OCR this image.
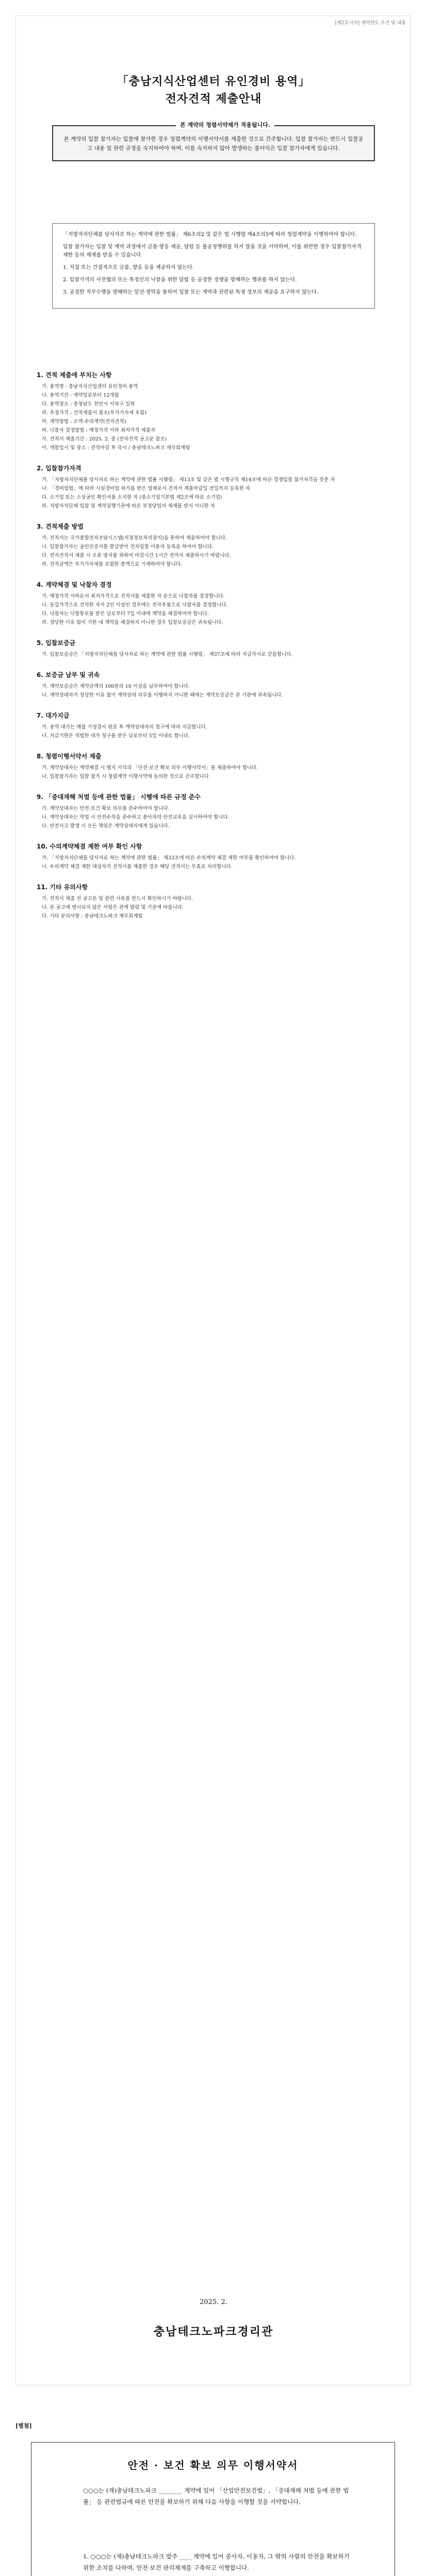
[제2호서식] 계약연도 조건 및 내용
「충남지식산업센터 유인경비 용역」
전자견적 제출안내
본 계약의 청렴서약제가 적용됩니다.

본 계약의 입찰 참가자는 입찰에 참가한 경우 청렴계약의 이행서약서를 제출한 것으로 간주합니다. 입찰 참가자는 반드시 입찰공고 내용 및 관련 규정을 숙지하여야 하며, 이를 숙지하지 않아 발생하는 불이익은 입찰 참가자에게 있습니다.

「지방자치단체를 당사자로 하는 계약에 관한 법률」 제6조의2 및 같은 법 시행령 제4조의5에 따라 청렴계약을 이행하여야 합니다.

입찰 참가자는 입찰 및 계약 과정에서 금품·향응 제공, 담합 등 불공정행위를 하지 않을 것을 서약하며, 이를 위반한 경우 입찰참가자격 제한 등의 제재를 받을 수 있습니다.

1. 직접 또는 간접적으로 금품, 향응 등을 제공하지 않는다.

2. 입찰가격의 사전협의 또는 특정인의 낙찰을 위한 담합 등 공정한 경쟁을 방해하는 행위를 하지 않는다.

3. 공정한 직무수행을 방해하는 알선·청탁을 통하여 입찰 또는 계약과 관련된 특정 정보의 제공을 요구하지 않는다.

1. 견적 제출에 부치는 사항
가. 용역명 : 충남지식산업센터 유인경비 용역
나. 용역기간 : 계약일로부터 12개월
다. 용역장소 : 충청남도 천안시 서북구 일원
라. 추정가격 : 견적제출서 참조(부가가치세 포함)
마. 계약방법 : 소액 수의계약(전자견적)
바. 낙찰자 결정방법 : 예정가격 이하 최저가격 제출자
사. 견적서 제출기간 : 2025. 2. 중 (전자견적 공고문 참조)
아. 개찰일시 및 장소 : 견적마감 후 즉시 / 충남테크노파크 재무회계팀
2. 입찰참가자격
가. 「지방자치단체를 당사자로 하는 계약에 관한 법률 시행령」 제13조 및 같은 법 시행규칙 제14조에 따른 경쟁입찰 참가자격을 갖춘 자
나. 「경비업법」에 따라 시설경비업 허가를 받은 업체로서 견적서 제출마감일 전일까지 등록한 자
다. 소기업 또는 소상공인 확인서를 소지한 자 (중소기업기본법 제2조에 따른 소기업)
라. 지방자치단체 입찰 및 계약집행기준에 따른 부정당업자 제재를 받지 아니한 자
3. 견적제출 방법
가. 견적서는 국가종합전자조달시스템(지정정보처리장치)을 통하여 제출하여야 합니다.
나. 입찰참가자는 공인인증서를 발급받아 전자입찰 이용자 등록을 하여야 합니다.
다. 전자견적서 제출 시 오류 방지를 위하여 마감시간 1시간 전까지 제출하시기 바랍니다.
라. 견적금액은 부가가치세를 포함한 총액으로 기재하여야 합니다.
4. 계약체결 및 낙찰자 결정
가. 예정가격 이하로서 최저가격으로 견적서를 제출한 자 순으로 낙찰자를 결정합니다.
나. 동일가격으로 견적한 자가 2인 이상인 경우에는 전자추첨으로 낙찰자를 결정합니다.
다. 낙찰자는 낙찰통보를 받은 날로부터 7일 이내에 계약을 체결하여야 합니다.
라. 정당한 이유 없이 기한 내 계약을 체결하지 아니한 경우 입찰보증금은 귀속됩니다.
5. 입찰보증금
가. 입찰보증금은 「지방자치단체를 당사자로 하는 계약에 관한 법률 시행령」 제37조에 따라 지급각서로 갈음합니다.
6. 보증금 납부 및 귀속
가. 계약보증금은 계약금액의 100분의 10 이상을 납부하여야 합니다.
나. 계약상대자가 정당한 이유 없이 계약상의 의무를 이행하지 아니한 때에는 계약보증금은 본 기관에 귀속됩니다.
7. 대가지급
가. 용역 대가는 매월 기성검사 완료 후 계약상대자의 청구에 따라 지급합니다.
나. 지급기한은 적법한 대가 청구를 받은 날로부터 5일 이내로 합니다.
8. 청렴이행서약서 제출
가. 계약상대자는 계약체결 시 별지 서식의 「안전·보건 확보 의무 이행서약서」를 제출하여야 합니다.
나. 입찰참가자는 입찰 참가 시 청렴계약 이행서약에 동의한 것으로 간주합니다.
9. 「중대재해 처벌 등에 관한 법률」 시행에 따른 규정 준수
가. 계약상대자는 안전·보건 확보 의무를 준수하여야 합니다.
나. 계약상대자는 작업 시 안전수칙을 준수하고 종사자의 안전교육을 실시하여야 합니다.
다. 안전사고 발생 시 모든 책임은 계약상대자에게 있습니다.
10. 수의계약체결 제한 여부 확인 사항
가. 「지방자치단체를 당사자로 하는 계약에 관한 법률」 제33조에 따른 수의계약 체결 제한 여부를 확인하여야 합니다.
나. 수의계약 체결 제한 대상자가 견적서를 제출한 경우 해당 견적서는 무효로 처리합니다.
11. 기타 유의사항
가. 견적서 제출 전 공고문 및 관련 서류를 반드시 확인하시기 바랍니다.
나. 본 공고에 명시되지 않은 사항은 관계 법령 및 기준에 따릅니다.
다. 기타 문의사항 : 충남테크노파크 재무회계팀
2025. 2.
충남테크노파크경리관
[별첨]
안전 · 보건 확보 의무 이행서약서
○○○는 (재)충남테크노파크 ________ 계약에 있어 「산업안전보건법」, 「중대재해 처벌 등에 관한 법률」 등 관련법규에 따른 안전을 확보하기 위해 다음 사항을 이행할 것을 서약합니다.

1. ○○○는 (재)충남테크노파크 발주 ____ 계약에 있어 종사자, 이용자, 그 밖의 사람의 안전을 확보하기 위한 조치를 다하며, 안전·보건 관리체계를 구축하고 이행합니다.
